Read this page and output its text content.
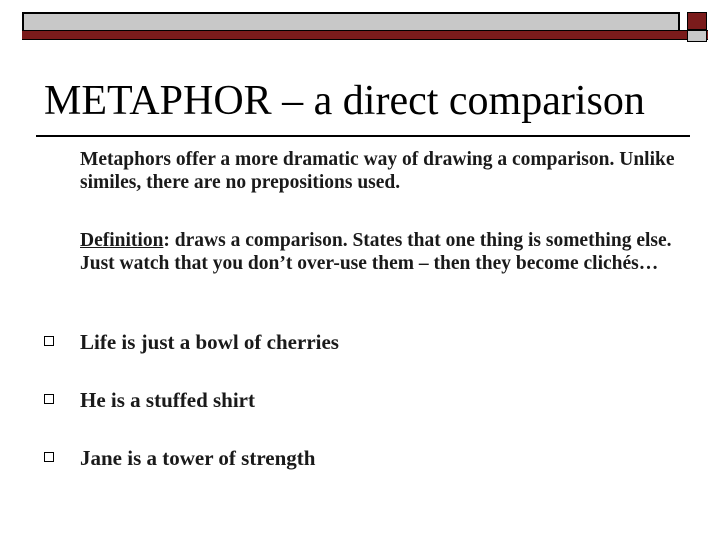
METAPHOR – a direct comparison
Metaphors offer a more dramatic way of drawing a comparison. Unlike similes, there are no prepositions used.
Definition: draws a comparison. States that one thing is something else. Just watch that you don’t over-use them – then they become clichés…
Life is just a bowl of cherries
He is a stuffed shirt
Jane is a tower of strength
